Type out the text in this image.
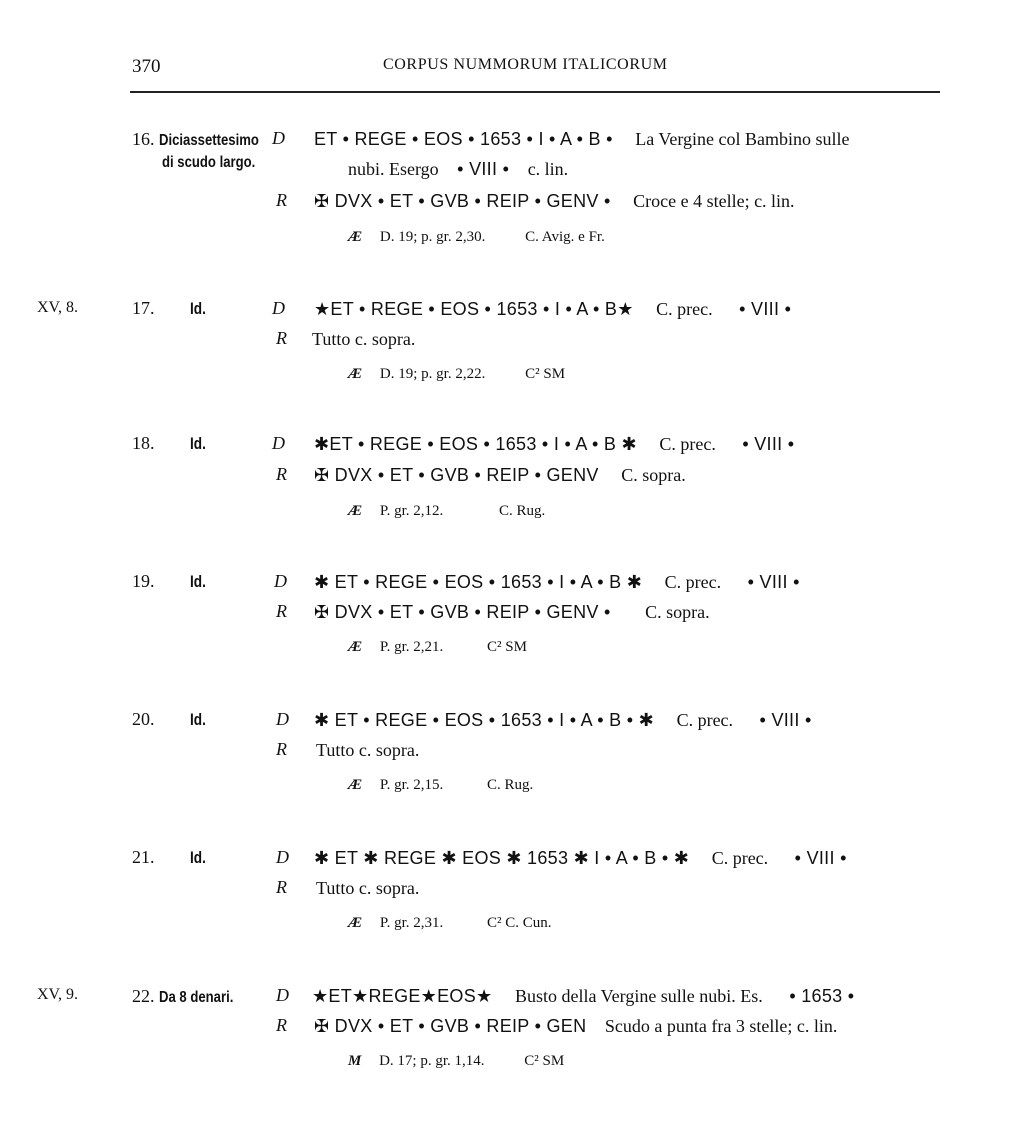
370	CORPUS NUMMORUM ITALICORUM
16. Diciassettesimo
di scudo largo.
D ET • REGE • EOS • 1653 • I • A • B • La Vergine col Bambino sulle
nubi. Esergo • VIII • c. lin.
R ✠ DVX • ET • GVB • REIP • GENV • Croce e 4 stelle; c. lin.
Æ D. 19; p. gr. 2,30.	C. Avig. e Fr.
XV, 8.	17. Id.	D ★ET • REGE • EOS • 1653 • I • A • B★ C. prec. • VIII •
R Tutto c. sopra.
Æ D. 19; p. gr. 2,22.	C² SM
18. Id.	D ✱ET • REGE • EOS • 1653 • I • A • B ✱ C. prec. • VIII •
R ✠ DVX • ET • GVB • REIP • GENV C. sopra.
Æ P. gr. 2,12.	C. Rug.
19. Id.	D ✱ ET • REGE • EOS • 1653 • I • A • B ✱ C. prec. • VIII •
R ✠ DVX • ET • GVB • REIP • GENV • C. sopra.
Æ P. gr. 2,21.	C² SM
20. Id.	D ✱ ET • REGE • EOS • 1653 • I • A • B • ✱ C. prec. • VIII •
R Tutto c. sopra.
Æ P. gr. 2,15.	C. Rug.
21. Id.	D ✱ ET ✱ REGE ✱ EOS ✱ 1653 ✱ I • A • B • ✱ C. prec. • VIII •
R Tutto c. sopra.
Æ P. gr. 2,31.	C² C. Cun.
XV, 9.	22. Da 8 denari.	D ★ET★REGE★EOS★ Busto della Vergine sulle nubi. Es. • 1653 •
R ✠ DVX • ET • GVB • REIP • GEN Scudo a punta fra 3 stelle; c. lin.
M D. 17; p. gr. 1,14.	C² SM
